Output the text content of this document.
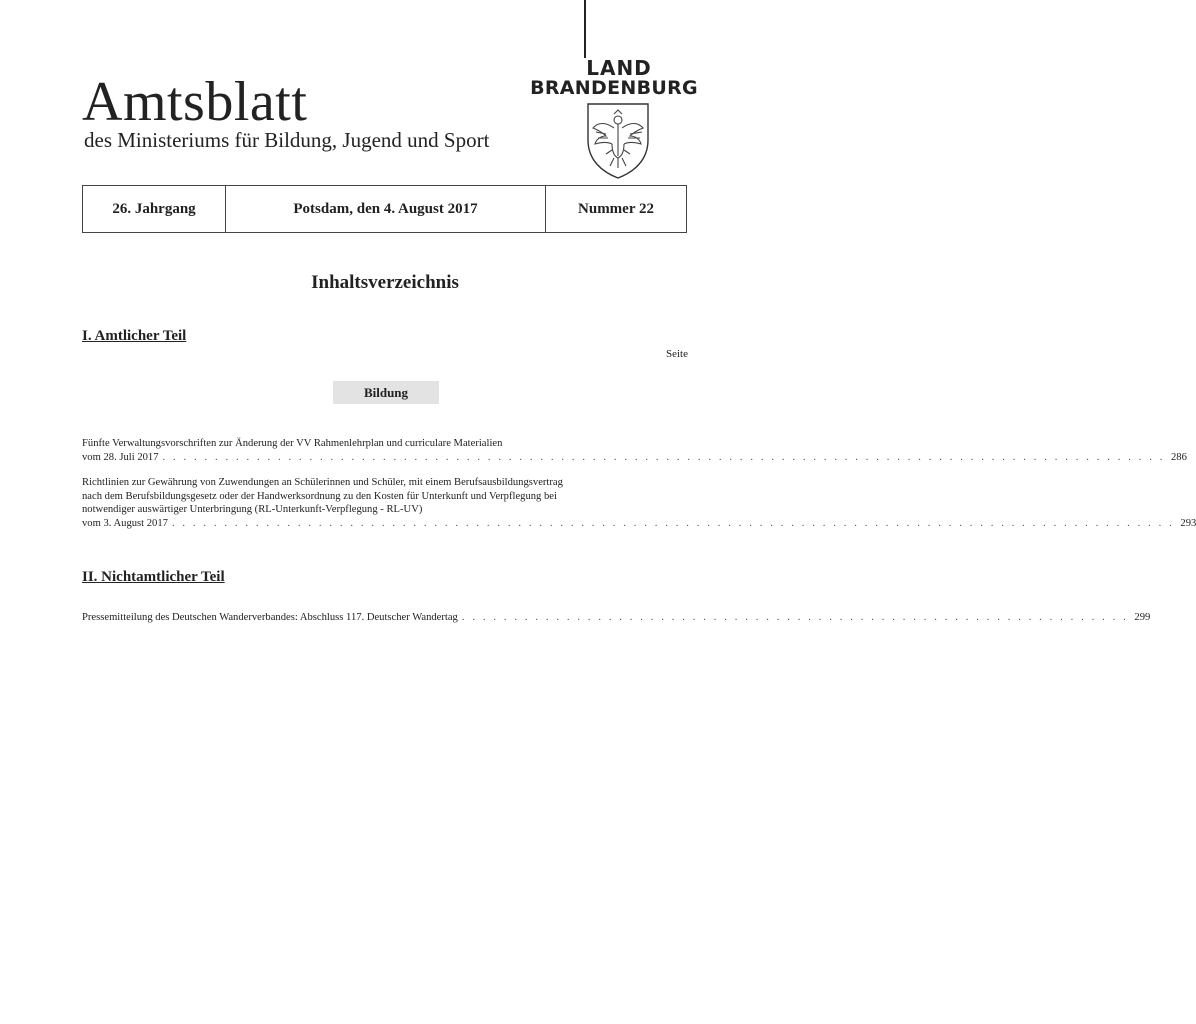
Amtsblatt
des Ministeriums für Bildung, Jugend und Sport
LAND
BRANDENBURG
26. Jahrgang	Potsdam, den 4. August 2017	Nummer 22
Inhaltsverzeichnis
I. Amtlicher Teil
Seite
Bildung
Fünfte Verwaltungsvorschriften zur Änderung der VV Rahmenlehrplan und curriculare Materialien
vom 28. Juli 2017 . . . . . . . . . . . . . . . . . . . . . . . . . . . . . . . . . . . . . . . . . . . . . . . . . . . . . . . . . . . . . . . . . . . . . . . . . . . . . . . . . . . . . . . . . . . . . . . . 286
Richtlinien zur Gewährung von Zuwendungen an Schülerinnen und Schüler, mit einem Berufsausbildungsvertrag
nach dem Berufsbildungsgesetz oder der Handwerksordnung zu den Kosten für Unterkunft und Verpflegung bei
notwendiger auswärtiger Unterbringung (RL-Unterkunft-Verpflegung - RL-UV)
vom 3. August 2017 . . . . . . . . . . . . . . . . . . . . . . . . . . . . . . . . . . . . . . . . . . . . . . . . . . . . . . . . . . . . . . . . . . . . . . . . . . . . . . . . . . . . . . . . . . . . . . . . 293
II. Nichtamtlicher Teil
Pressemitteilung des Deutschen Wanderverbandes: Abschluss 117. Deutscher Wandertag . . . . . . . . . . . . . . . . . . . . . . . . . . . . . . . . . . . . . . . . . . . . . . . . . . . . . . . . . . . . . . . . 299
